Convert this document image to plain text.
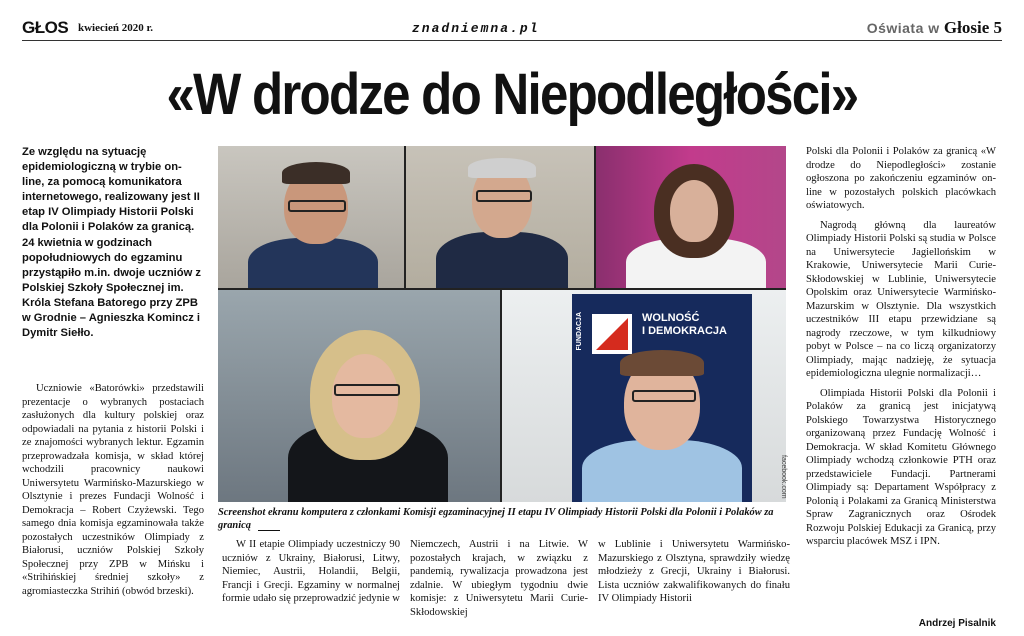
GŁOS kwiecień 2020 r.	znadniemna.pl	Oświata w Głosie 5
«W drodze do Niepodległości»
Ze względu na sytuację epidemiologiczną w trybie on-line, za pomocą komunikatora internetowego, realizowany jest II etap IV Olimpiady Historii Polski dla Polonii i Polaków za granicą. 24 kwietnia w godzinach popołudniowych do egzaminu przystąpiło m.in. dwoje uczniów z Polskiej Szkoły Społecznej im. Króla Stefana Batorego przy ZPB w Grodnie – Agnieszka Komincz i Dymitr Siełło.

Uczniowie «Batorówki» przedstawili prezentacje o wybranych postaciach zasłużonych dla kultury polskiej oraz odpowiadali na pytania z historii Polski i ze znajomości wybranych lektur. Egzamin przeprowadzała komisja, w skład której wchodzili pracownicy naukowi Uniwersytetu Warmińsko-Mazurskiego w Olsztynie i prezes Fundacji Wolność i Demokracja – Robert Czyżewski. Tego samego dnia komisja egzaminowała także pozostałych uczestników Olimpiady z Białorusi, uczniów Polskiej Szkoły Społecznej przy ZPB w Mińsku i «Strihińskiej średniej szkoły» z agromiasteczka Strihiń (obwód brzeski).

FUNDACJA	WOLNOŚĆ
I DEMOKRACJA
facebook.com
Screenshot ekranu komputera z członkami Komisji egzaminacyjnej II etapu IV Olimpiady Historii Polski dla Polonii i Polaków za granicą

W II etapie Olimpiady uczestniczy 90 uczniów z Ukrainy, Białorusi, Litwy, Niemiec, Austrii, Holandii, Belgii, Francji i Grecji. Egzaminy w normalnej formie udało się przeprowadzić jedynie w

Niemczech, Austrii i na Litwie. W pozostałych krajach, w związku z pandemią, rywalizacja prowadzona jest zdalnie. W ubiegłym tygodniu dwie komisje: z Uniwersytetu Marii Curie-Skłodowskiej

w Lublinie i Uniwersytetu Warmińsko-Mazurskiego z Olsztyna, sprawdziły wiedzę młodzieży z Grecji, Ukrainy i Białorusi. Lista uczniów zakwalifikowanych do finału IV Olimpiady Historii

Polski dla Polonii i Polaków za granicą «W drodze do Niepodległości» zostanie ogłoszona po zakończeniu egzaminów on-line w pozostałych polskich placówkach oświatowych.

Nagrodą główną dla laureatów Olimpiady Historii Polski są studia w Polsce na Uniwersytecie Jagiellońskim w Krakowie, Uniwersytecie Marii Curie-Skłodowskiej w Lublinie, Uniwersytecie Opolskim oraz Uniwersytecie Warmińsko-Mazurskim w Olsztynie. Dla wszystkich uczestników III etapu przewidziane są nagrody rzeczowe, w tym kilkudniowy pobyt w Polsce – na co liczą organizatorzy Olimpiady, mając nadzieję, że sytuacja epidemiologiczna ulegnie normalizacji…

Olimpiada Historii Polski dla Polonii i Polaków za granicą jest inicjatywą Polskiego Towarzystwa Historycznego organizowaną przez Fundację Wolność i Demokracja. W skład Komitetu Głównego Olimpiady wchodzą członkowie PTH oraz przedstawiciele Fundacji. Partnerami Olimpiady są: Departament Współpracy z Polonią i Polakami za Granicą Ministerstwa Spraw Zagranicznych oraz Ośrodek Rozwoju Polskiej Edukacji za Granicą, przy wsparciu placówek MSZ i IPN.

Andrzej Pisalnik
